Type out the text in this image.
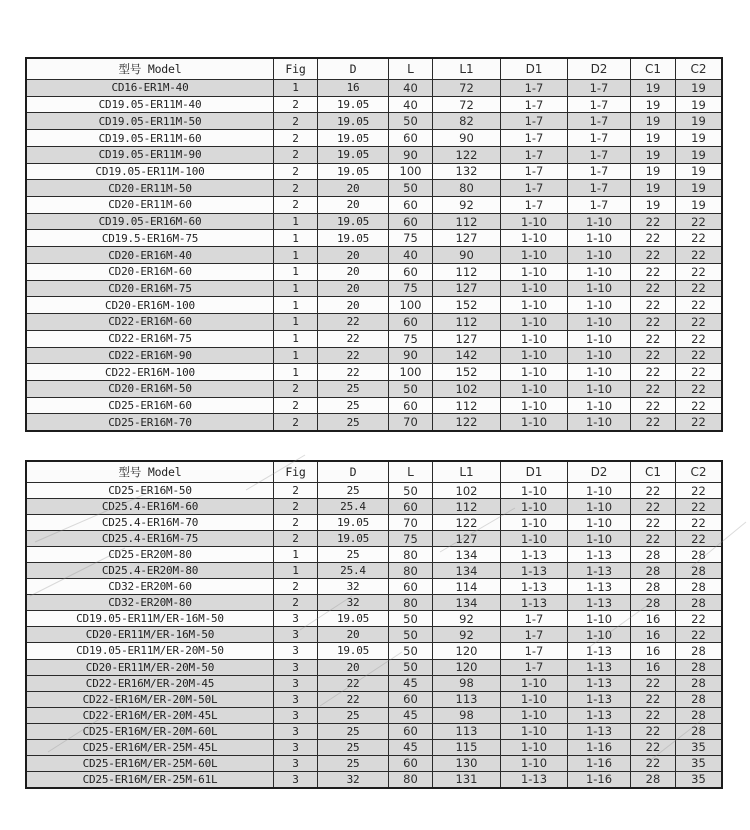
型号 Model	Fig	D	L	L1	D1	D2	C1	C2
CD16-ER1M-40	1	16	40	72	1-7	1-7	19	19
CD19.05-ER11M-40	2	19.05	40	72	1-7	1-7	19	19
CD19.05-ER11M-50	2	19.05	50	82	1-7	1-7	19	19
CD19.05-ER11M-60	2	19.05	60	90	1-7	1-7	19	19
CD19.05-ER11M-90	2	19.05	90	122	1-7	1-7	19	19
CD19.05-ER11M-100	2	19.05	100	132	1-7	1-7	19	19
CD20-ER11M-50	2	20	50	80	1-7	1-7	19	19
CD20-ER11M-60	2	20	60	92	1-7	1-7	19	19
CD19.05-ER16M-60	1	19.05	60	112	1-10	1-10	22	22
CD19.5-ER16M-75	1	19.05	75	127	1-10	1-10	22	22
CD20-ER16M-40	1	20	40	90	1-10	1-10	22	22
CD20-ER16M-60	1	20	60	112	1-10	1-10	22	22
CD20-ER16M-75	1	20	75	127	1-10	1-10	22	22
CD20-ER16M-100	1	20	100	152	1-10	1-10	22	22
CD22-ER16M-60	1	22	60	112	1-10	1-10	22	22
CD22-ER16M-75	1	22	75	127	1-10	1-10	22	22
CD22-ER16M-90	1	22	90	142	1-10	1-10	22	22
CD22-ER16M-100	1	22	100	152	1-10	1-10	22	22
CD20-ER16M-50	2	25	50	102	1-10	1-10	22	22
CD25-ER16M-60	2	25	60	112	1-10	1-10	22	22
CD25-ER16M-70	2	25	70	122	1-10	1-10	22	22
型号 Model	Fig	D	L	L1	D1	D2	C1	C2
CD25-ER16M-50	2	25	50	102	1-10	1-10	22	22
CD25.4-ER16M-60	2	25.4	60	112	1-10	1-10	22	22
CD25.4-ER16M-70	2	19.05	70	122	1-10	1-10	22	22
CD25.4-ER16M-75	2	19.05	75	127	1-10	1-10	22	22
CD25-ER20M-80	1	25	80	134	1-13	1-13	28	28
CD25.4-ER20M-80	1	25.4	80	134	1-13	1-13	28	28
CD32-ER20M-60	2	32	60	114	1-13	1-13	28	28
CD32-ER20M-80	2	32	80	134	1-13	1-13	28	28
CD19.05-ER11M/ER-16M-50	3	19.05	50	92	1-7	1-10	16	22
CD20-ER11M/ER-16M-50	3	20	50	92	1-7	1-10	16	22
CD19.05-ER11M/ER-20M-50	3	19.05	50	120	1-7	1-13	16	28
CD20-ER11M/ER-20M-50	3	20	50	120	1-7	1-13	16	28
CD22-ER16M/ER-20M-45	3	22	45	98	1-10	1-13	22	28
CD22-ER16M/ER-20M-50L	3	22	60	113	1-10	1-13	22	28
CD22-ER16M/ER-20M-45L	3	25	45	98	1-10	1-13	22	28
CD25-ER16M/ER-20M-60L	3	25	60	113	1-10	1-13	22	28
CD25-ER16M/ER-25M-45L	3	25	45	115	1-10	1-16	22	35
CD25-ER16M/ER-25M-60L	3	25	60	130	1-10	1-16	22	35
CD25-ER16M/ER-25M-61L	3	32	80	131	1-13	1-16	28	35
